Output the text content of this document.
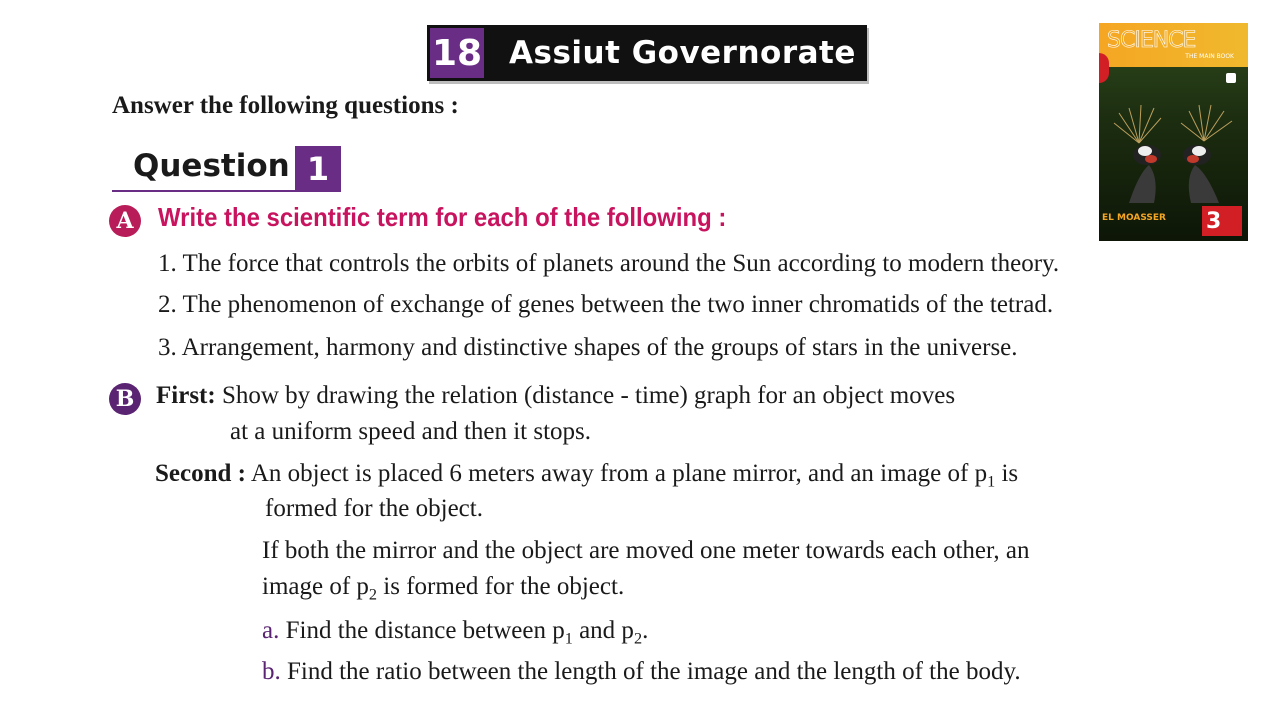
18 Assiut Governorate
Answer the following questions :
Question 1
A Write the scientific term for each of the following :
1. The force that controls the orbits of planets around the Sun according to modern theory.
2. The phenomenon of exchange of genes between the two inner chromatids of the tetrad.
3. Arrangement, harmony and distinctive shapes of the groups of stars in the universe.
B First: Show by drawing the relation (distance - time) graph for an object moves
at a uniform speed and then it stops.
Second : An object is placed 6 meters away from a plane mirror, and an image of $p_1$ is
formed for the object.
If both the mirror and the object are moved one meter towards each other, an
image of $p_2$ is formed for the object.
a. Find the distance between $p_1$ and $p_2$.
b. Find the ratio between the length of the image and the length of the body.
SCIENCE
THE MAIN BOOK
EL MOASSER 3
